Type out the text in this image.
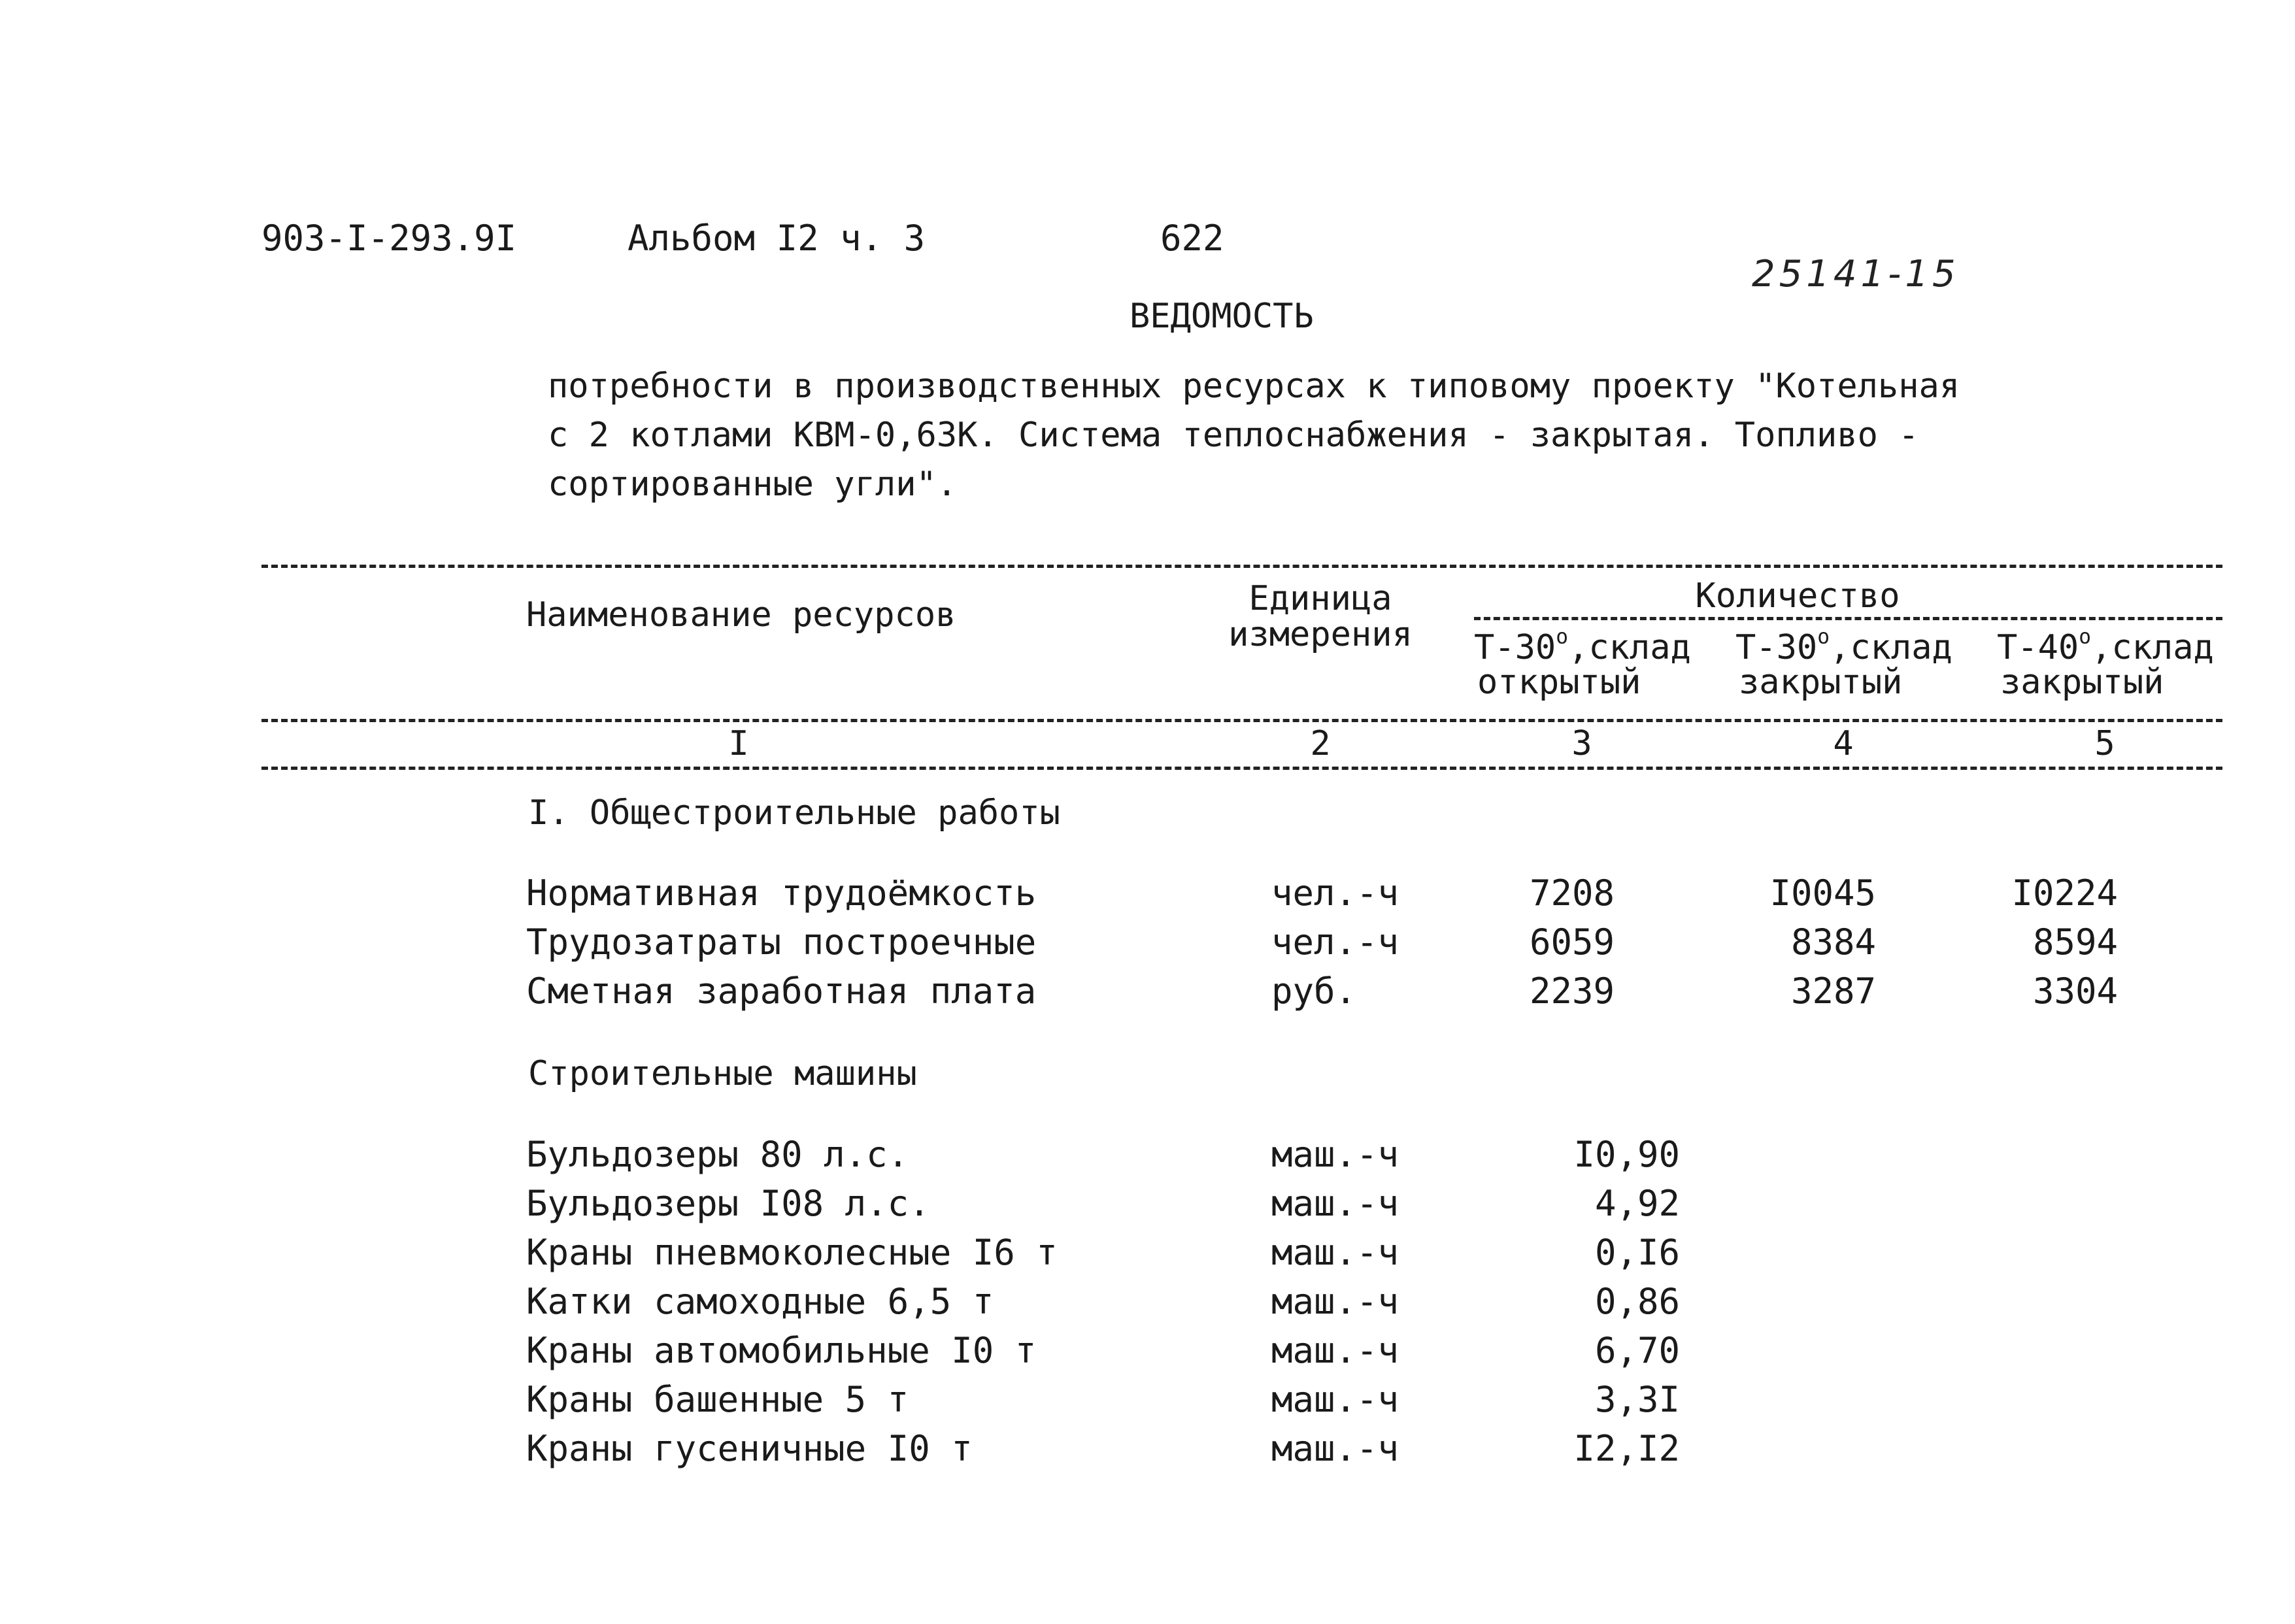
903-I-293.9I	Альбом I2 ч. 3	622
25141-15
ВЕДОМОСТЬ
потребности в производственных ресурсах к типовому проекту "Котельная
с 2 котлами КВМ-0,63К. Система теплоснабжения - закрытая. Топливо -
сортированные угли".
Наименование ресурсов	Единица
измерения
Количество
T-30$^o$,склад
открытый
T-30$^o$,склад
закрытый
T-40$^o$,склад
закрытый
I	2	3	4	5
I. Общестроительные работы
Нормативная трудоёмкость	чел.-ч	7208	I0045	I0224
Трудозатраты построечные	чел.-ч	6059	8384	8594
Сметная заработная плата	руб.	2239	3287	3304
Строительные машины
Бульдозеры 80 л.с.	маш.-ч	I0,90
Бульдозеры I08 л.с.	маш.-ч	4,92
Краны пневмоколесные I6 т	маш.-ч	0,I6
Катки самоходные 6,5 т	маш.-ч	0,86
Краны автомобильные I0 т	маш.-ч	6,70
Краны башенные 5 т	маш.-ч	3,3I
Краны гусеничные I0 т	маш.-ч	I2,I2
